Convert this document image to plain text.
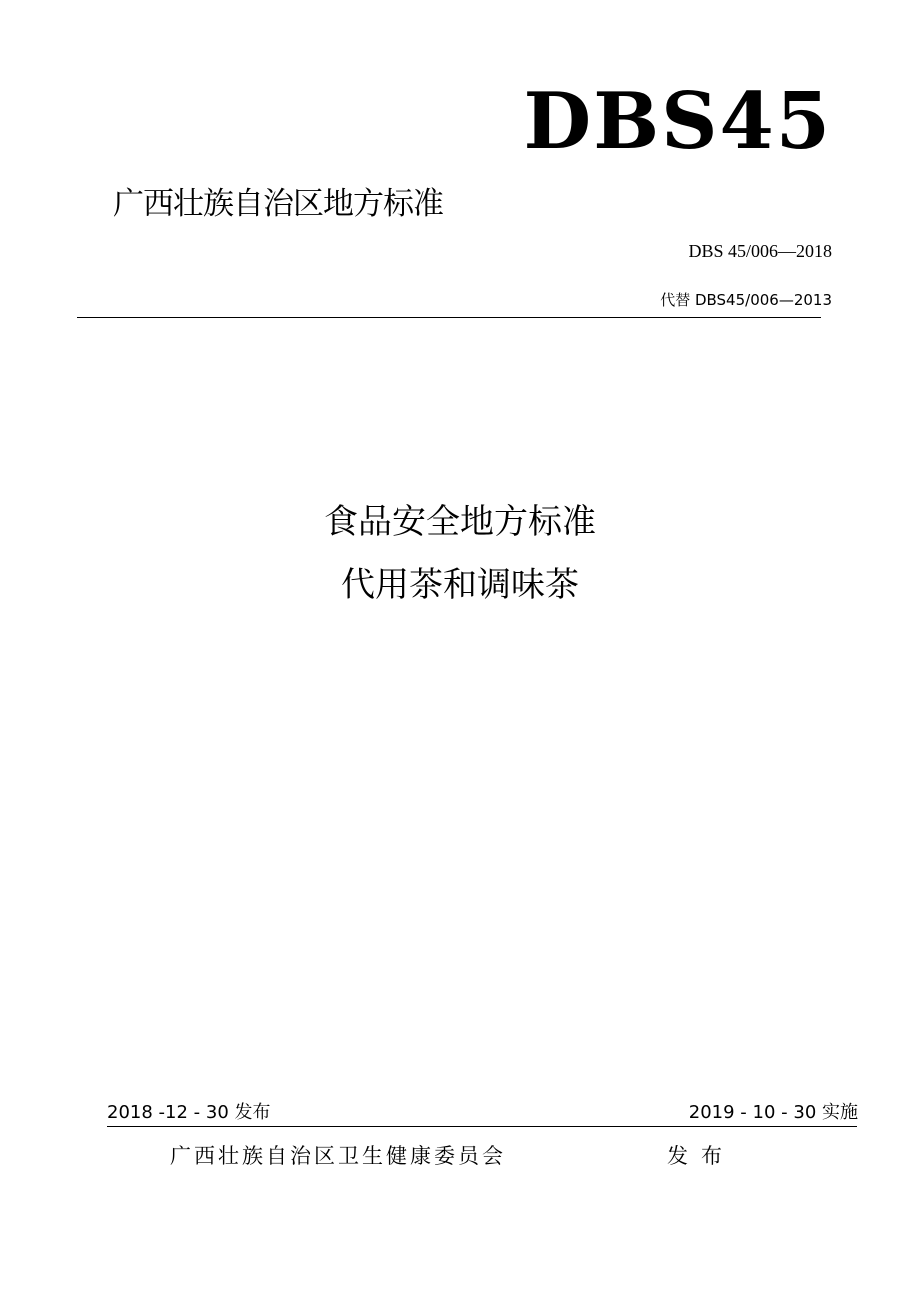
DBS45
广西壮族自治区地方标准
DBS 45/006—2018
代替 DBS45/006—2013
食品安全地方标准
代用茶和调味茶
2018 -12 - 30 发布	2019 - 10 - 30 实施
广西壮族自治区卫生健康委员会	发布
